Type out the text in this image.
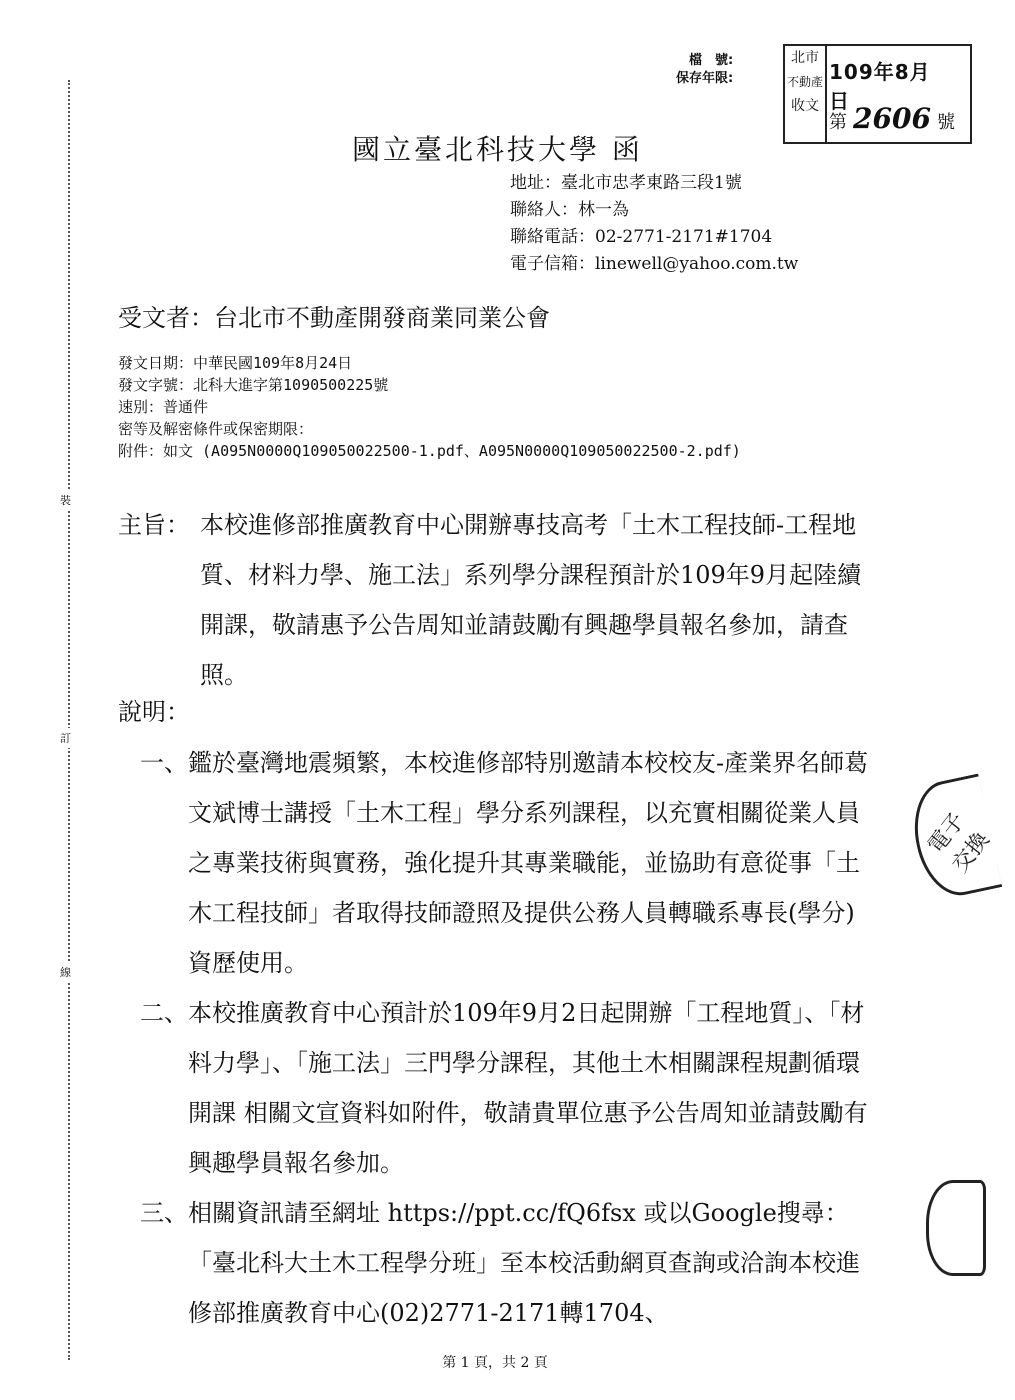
裝
訂
線
檔　號:
保存年限:
北市
不動產
收文
109年8月　日
第 2606 號
國立臺北科技大學 函
地址：臺北市忠孝東路三段1號
聯絡人：林一為
聯絡電話：02-2771-2171#1704
電子信箱：linewell@yahoo.com.tw
受文者：台北市不動產開發商業同業公會
發文日期：中華民國109年8月24日
發文字號：北科大進字第1090500225號
速別：普通件
密等及解密條件或保密期限：
附件：如文 (A095N0000Q109050022500-1.pdf、A095N0000Q109050022500-2.pdf)
主旨： 本校進修部推廣教育中心開辦專技高考「土木工程技師-工程地質、材料力學、施工法」系列學分課程預計於109年9月起陸續開課，敬請惠予公告周知並請鼓勵有興趣學員報名參加，請查照。
說明：
一、 鑑於臺灣地震頻繁，本校進修部特別邀請本校校友-產業界名師葛文斌博士講授「土木工程」學分系列課程，以充實相關從業人員之專業技術與實務，強化提升其專業職能，並協助有意從事「土木工程技師」者取得技師證照及提供公務人員轉職系專長(學分)資歷使用。
二、 本校推廣教育中心預計於109年9月2日起開辦「工程地質」、「材料力學」、「施工法」三門學分課程，其他土木相關課程規劃循環開課 相關文宣資料如附件，敬請貴單位惠予公告周知並請鼓勵有興趣學員報名參加。
三、 相關資訊請至網址 https://ppt.cc/fQ6fsx 或以Google搜尋：「臺北科大土木工程學分班」至本校活動網頁查詢或洽詢本校進修部推廣教育中心(02)2771-2171轉1704、
電子交換
第 1 頁，共 2 頁
